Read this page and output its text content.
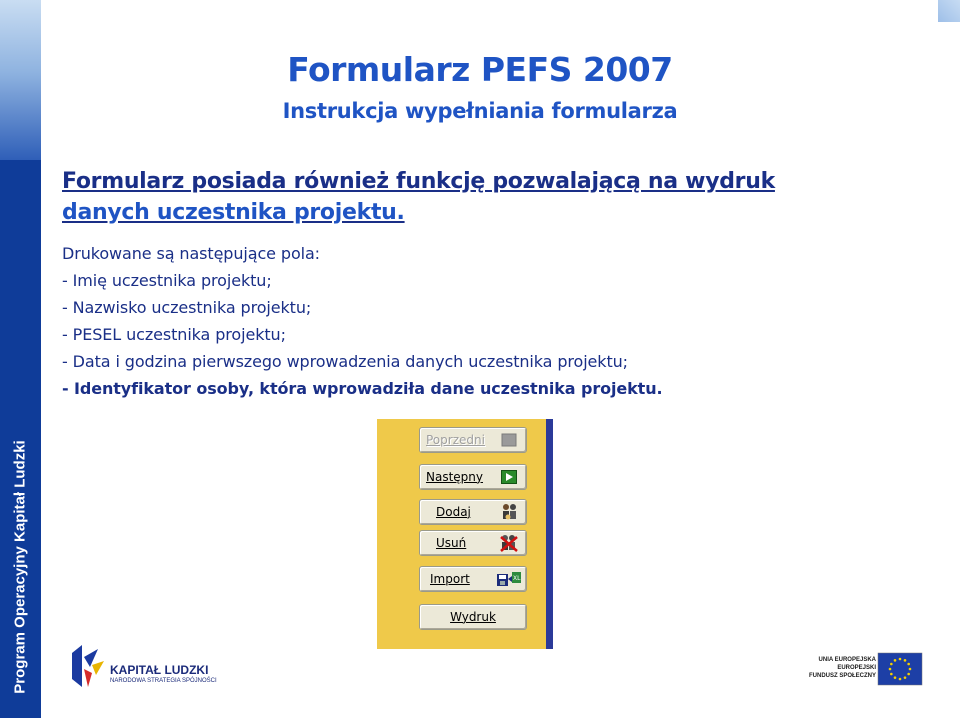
Program Operacyjny Kapitał Ludzki
Formularz PEFS 2007
Instrukcja wypełniania formularza
Formularz posiada również funkcję pozwalającą na wydruk
danych uczestnika projektu.
Drukowane są następujące pola:
- Imię uczestnika projektu;
- Nazwisko uczestnika projektu;
- PESEL uczestnika projektu;
- Data i godzina pierwszego wprowadzenia danych uczestnika projektu;
- Identyfikator osoby, która wprowadziła dane uczestnika projektu.
Poprzedni
Następny
Dodaj
Usuń
Import	XL
Wydruk
KAPITAŁ LUDZKI
NARODOWA STRATEGIA SPÓJNOŚCI
UNIA EUROPEJSKA
EUROPEJSKI
FUNDUSZ SPOŁECZNY
